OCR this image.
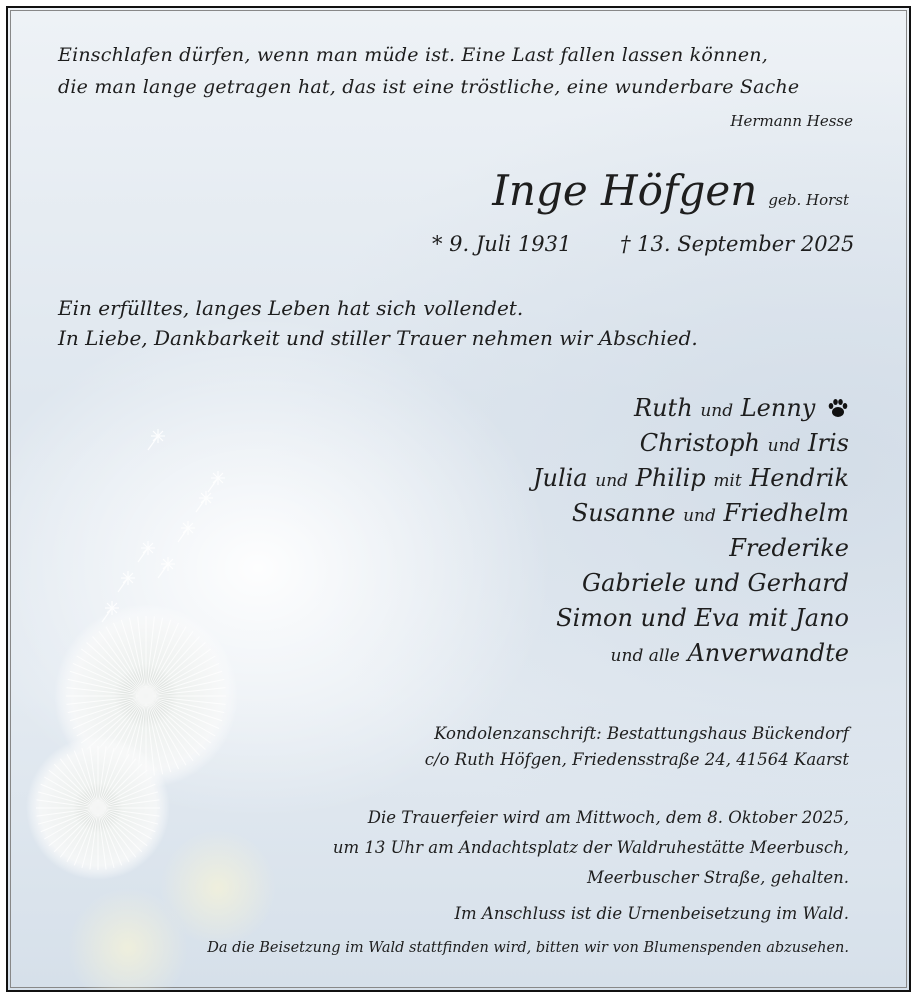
Einschlafen dürfen, wenn man müde ist. Eine Last fallen lassen können,
die man lange getragen hat, das ist eine tröstliche, eine wunderbare Sache
Hermann Hesse
Inge Höfgen geb. Horst
* 9. Juli 1931 † 13. September 2025
Ein erfülltes, langes Leben hat sich vollendet.
In Liebe, Dankbarkeit und stiller Trauer nehmen wir Abschied.
Ruth und Lenny
Christoph und Iris
Julia und Philip mit Hendrik
Susanne und Friedhelm
Frederike
Gabriele und Gerhard
Simon und Eva mit Jano
und alle Anverwandte
Kondolenzanschrift: Bestattungshaus Bückendorf
c/o Ruth Höfgen, Friedensstraße 24, 41564 Kaarst
Die Trauerfeier wird am Mittwoch, dem 8. Oktober 2025,
um 13 Uhr am Andachtsplatz der Waldruhestätte Meerbusch,
Meerbuscher Straße, gehalten.
Im Anschluss ist die Urnenbeisetzung im Wald.
Da die Beisetzung im Wald stattfinden wird, bitten wir von Blumenspenden abzusehen.
